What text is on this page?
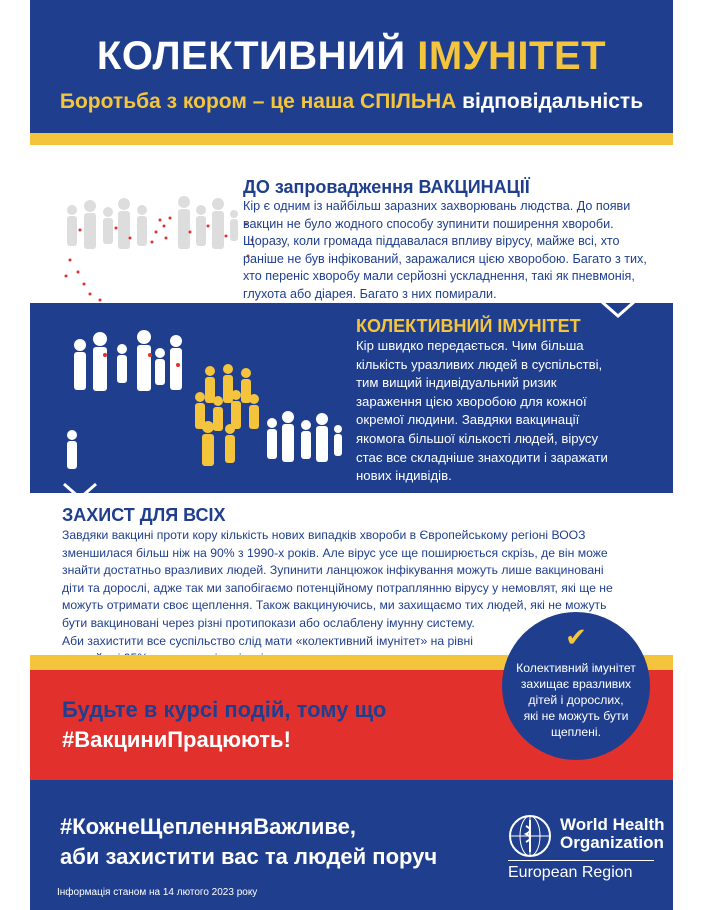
КОЛЕКТИВНИЙ ІМУНІТЕТ
Боротьба з кором – це наша СПІЛЬНА відповідальність
ДО запровадження ВАКЦИНАЦІЇ
Кір є одним із найбільш заразних захворювань людства. До появи
вакцин не було жодного способу зупинити поширення хвороби.
Щоразу, коли громада піддавалася впливу вірусу, майже всі, хто
раніше не був інфікований, заражалися цією хворобою. Багато з тих,
хто переніс хворобу мали серйозні ускладнення, такі як пневмонія,
глухота або діарея. Багато з них помирали.
КОЛЕКТИВНИЙ ІМУНІТЕТ
Кір швидко передається. Чим більша
кількість уразливих людей в суспільстві,
тим вищий індивідуальний ризик
зараження цією хворобою для кожної
окремої людини. Завдяки вакцинації
якомога більшої кількості людей, вірусу
стає все складніше знаходити і заражати
нових індивідів.
ЗАХИСТ ДЛЯ ВСІХ
Завдяки вакцині проти кору кількість нових випадків хвороби в Європейському регіоні ВООЗ
зменшилася більш ніж на 90% з 1990-х років. Але вірус усе ще поширюється скрізь, де він може
знайти достатньо вразливих людей. Зупинити ланцюжок інфікування можуть лише вакциновані
діти та дорослі, адже так ми запобігаємо потенційному потраплянню вірусу у немовлят, які ще не
можуть отримати своє щеплення. Також вакцинуючись, ми захищаємо тих людей, які не можуть
бути вакциновані через різні протипокази або ослаблену імунну систему.
Аби захистити все суспільство слід мати «колективний імунітет» на рівні
Будьте в курсі подій, тому що
#ВакциниПрацюють!
✔
Колективний імунітет
захищає вразливих
дітей і дорослих,
які не можуть бути
щеплені.
#КожнеЩепленняВажливе,
аби захистити вас та людей поруч
Інформація станом на 14 лютого 2023 року
World Health
Organization
European Region
